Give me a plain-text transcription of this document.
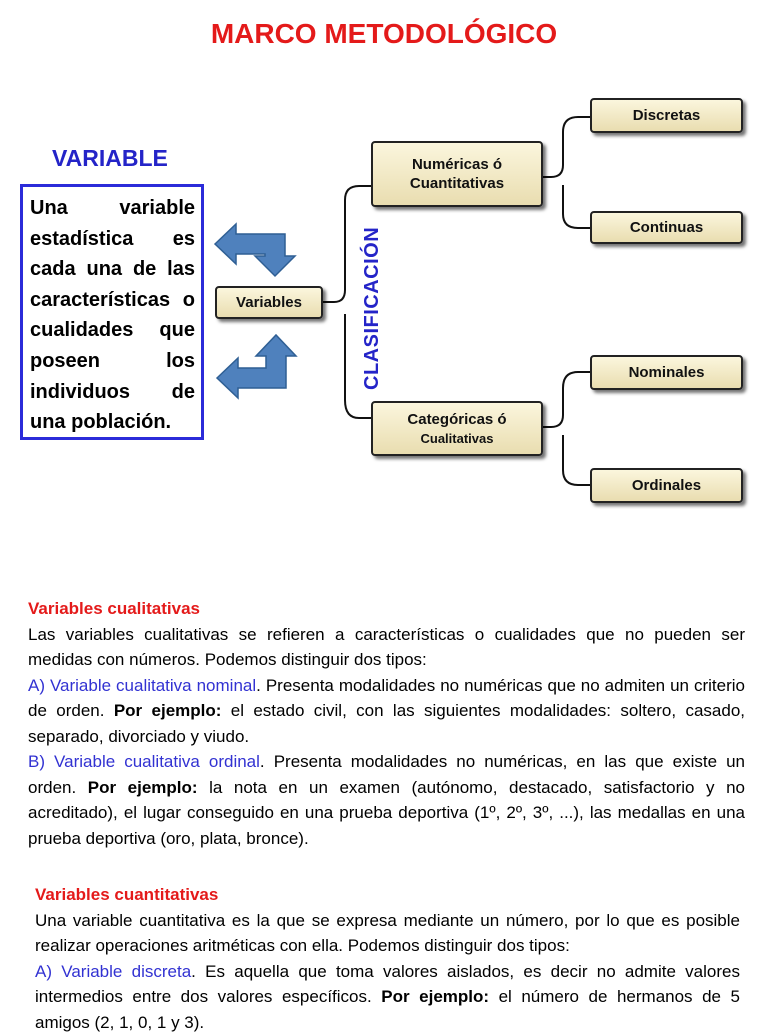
MARCO METODOLÓGICO
VARIABLE
Una variable estadística es cada una de las características o cualidades que poseen los individuos de una población.
Variables
Numéricas ó
Cuantitativas
Categóricas ó
Cualitativas
Discretas
Continuas
Nominales
Ordinales
CLASIFICACIÓN
Variables cualitativas

Las variables cualitativas se refieren a características o cualidades que no pueden ser medidas con números. Podemos distinguir dos tipos:

A) Variable cualitativa nominal. Presenta modalidades no numéricas que no admiten un criterio de orden. Por ejemplo: el estado civil, con las siguientes modalidades: soltero, casado, separado, divorciado y viudo.

B) Variable cualitativa ordinal. Presenta modalidades no numéricas, en las que existe un orden. Por ejemplo: la nota en un examen (autónomo, destacado, satisfactorio y no acreditado), el lugar conseguido en una prueba deportiva (1º, 2º, 3º, ...), las medallas en una prueba deportiva (oro, plata, bronce).

Variables cuantitativas

Una variable cuantitativa es la que se expresa mediante un número, por lo que es posible realizar operaciones aritméticas con ella. Podemos distinguir dos tipos:

A) Variable discreta. Es aquella que toma valores aislados, es decir no admite valores intermedios entre dos valores específicos. Por ejemplo: el número de hermanos de 5 amigos (2, 1, 0, 1 y 3).
